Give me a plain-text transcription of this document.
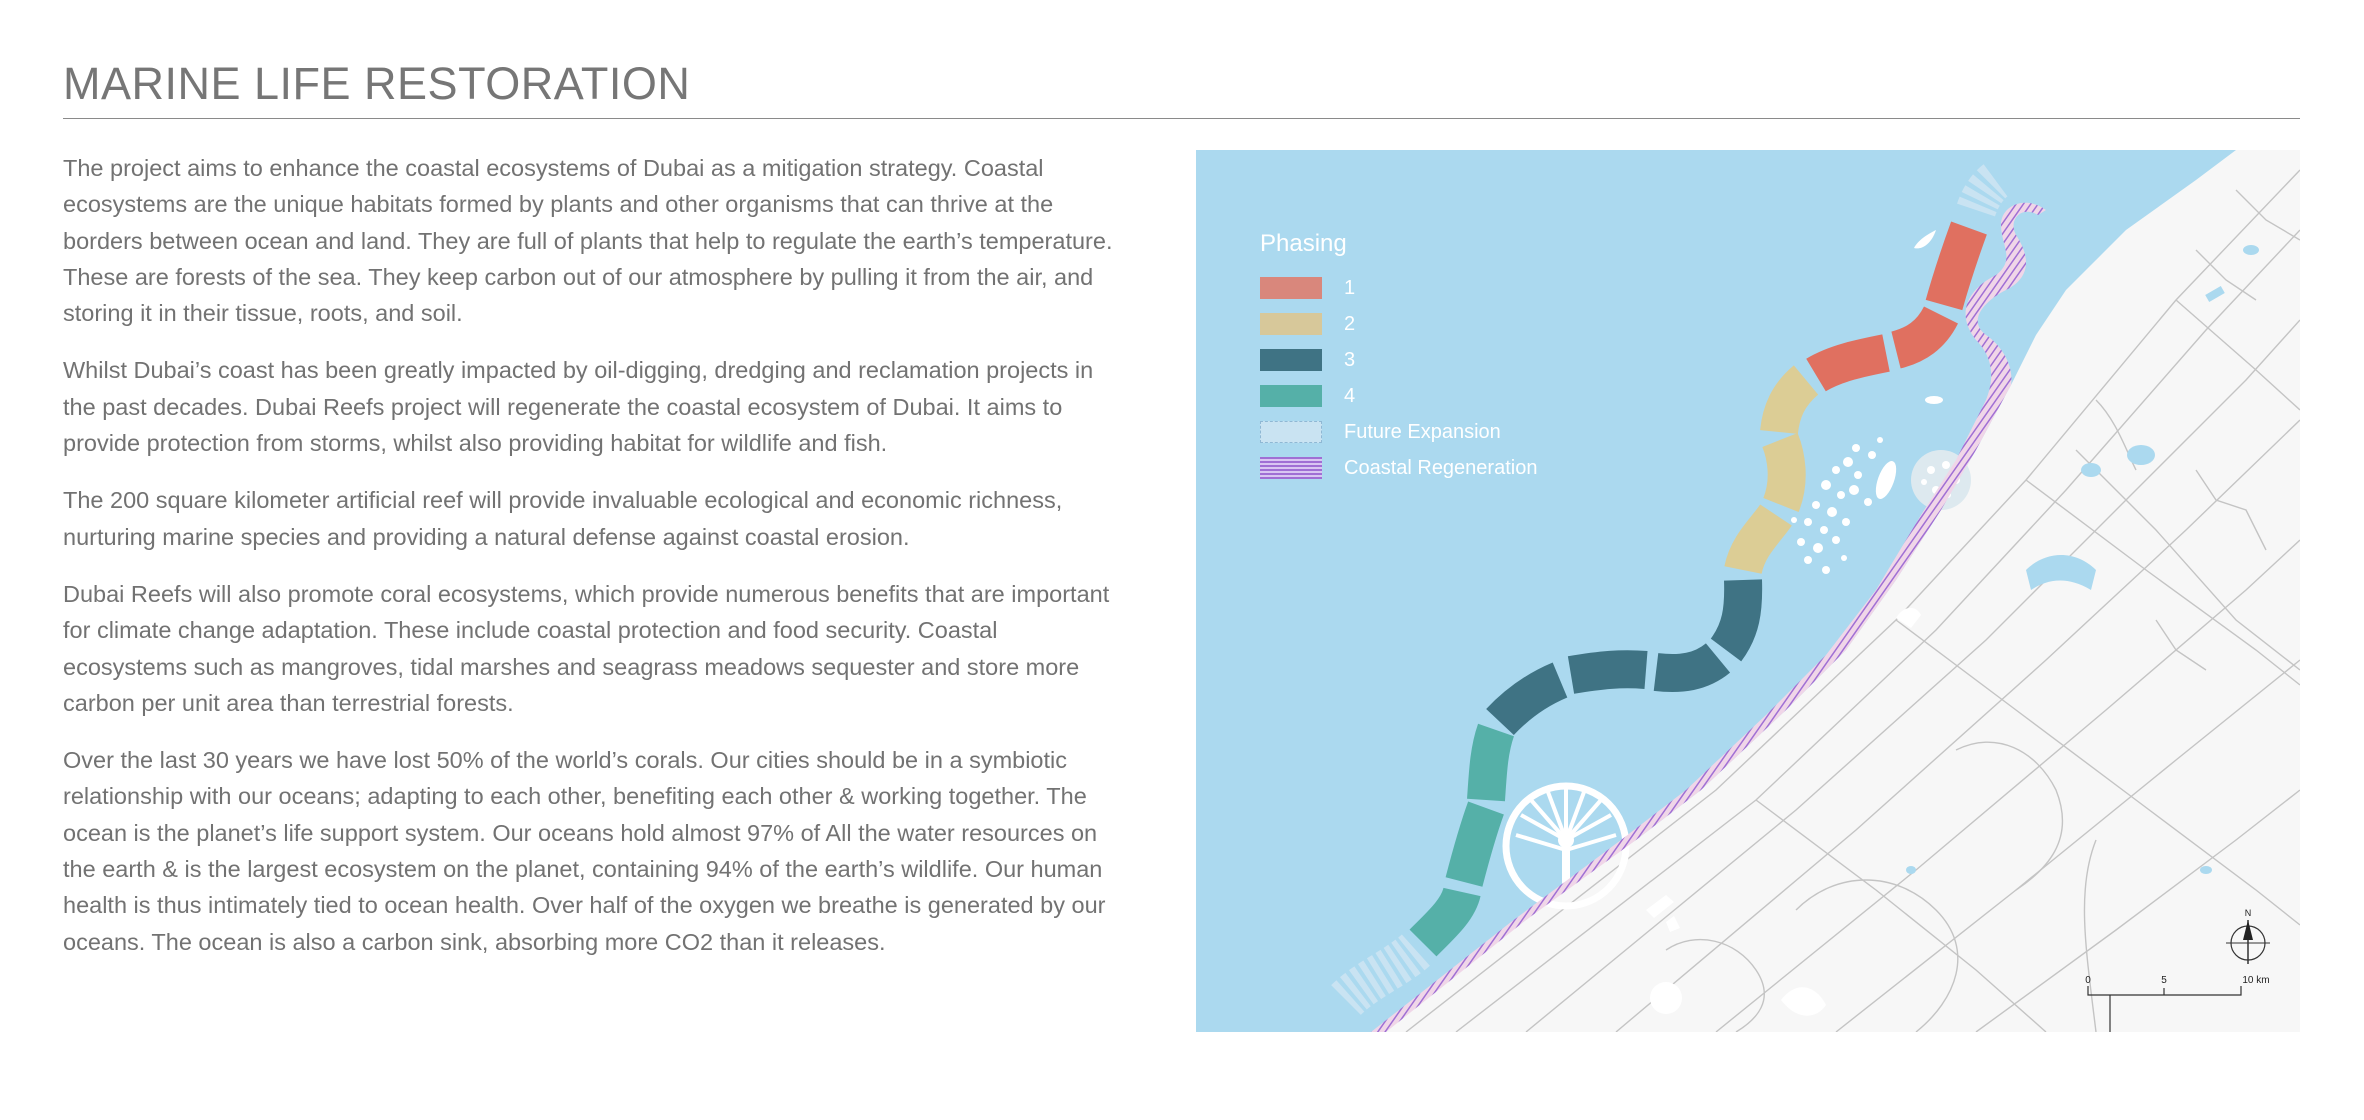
MARINE LIFE RESTORATION

The project aims to enhance the coastal ecosystems of Dubai as a mitigation strategy. Coastal ecosystems are the unique habitats formed by plants and other organisms that can thrive at the borders between ocean and land. They are full of plants that help to regulate the earth’s temperature. These are forests of the sea. They keep carbon out of our atmosphere by pulling it from the air, and storing it in their tissue, roots, and soil.

Whilst Dubai’s coast has been greatly impacted by oil-digging, dredging and reclamation projects in the past decades. Dubai Reefs project will regenerate the coastal ecosystem of Dubai. It aims to provide protection from storms, whilst also providing habitat for wildlife and fish.

The 200 square kilometer artificial reef will provide invaluable ecological and economic richness, nurturing marine species and providing a natural defense against coastal erosion.

Dubai Reefs will also promote coral ecosystems, which provide numerous benefits that are important for climate change adaptation. These include coastal protection and food security. Coastal ecosystems such as mangroves, tidal marshes and seagrass meadows sequester and store more carbon per unit area than terrestrial forests.

Over the last 30 years we have lost 50% of the world’s corals. Our cities should be in a symbiotic relationship with our oceans; adapting to each other, benefiting each other & working together. The ocean is the planet’s life support system. Our oceans hold almost 97% of All the water resources on the earth & is the largest ecosystem on the planet, containing 94% of the earth’s wildlife. Our human health is thus intimately tied to ocean health. Over half of the oxygen we breathe is generated by our oceans. The ocean is also a carbon sink, absorbing more CO2 than it releases.

N
0	5	10 km
Phasing
1
2
3
4
Future Expansion
Coastal Regeneration
